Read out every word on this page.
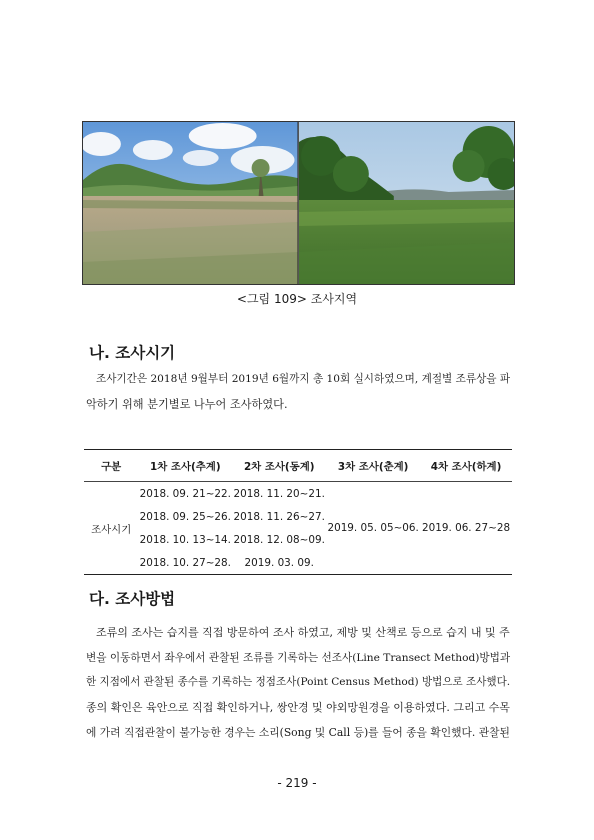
<그림 109> 조사지역
나. 조사시기
조사기간은 2018년 9월부터 2019년 6월까지 총 10회 실시하였으며, 계절별 조류상을 파
악하기 위해 분기별로 나누어 조사하였다.
구분	1차 조사(추계)	2차 조사(동계)	3차 조사(춘계)	4차 조사(하계)
조사시기	2018. 09. 21~22.	2018. 11. 20~21.	2019. 05. 05~06.	2019. 06. 27~28
	2018. 09. 25~26.	2018. 11. 26~27.		
	2018. 10. 13~14.	2018. 12. 08~09.		
	2018. 10. 27~28.	2019. 03. 09.		
다. 조사방법
조류의 조사는 습지를 직접 방문하여 조사 하였고, 제방 및 산책로 등으로 습지 내 및 주
변을 이동하면서 좌우에서 관찰된 조류를 기록하는 선조사(Line Transect Method)방법과
한 지점에서 관찰된 종수를 기록하는 정점조사(Point Census Method) 방법으로 조사했다.
종의 확인은 육안으로 직접 확인하거나, 쌍안경 및 야외망원경을 이용하였다. 그리고 수목
에 가려 직접관찰이 불가능한 경우는 소리(Song 및 Call 등)를 들어 종을 확인했다. 관찰된
- 219 -
